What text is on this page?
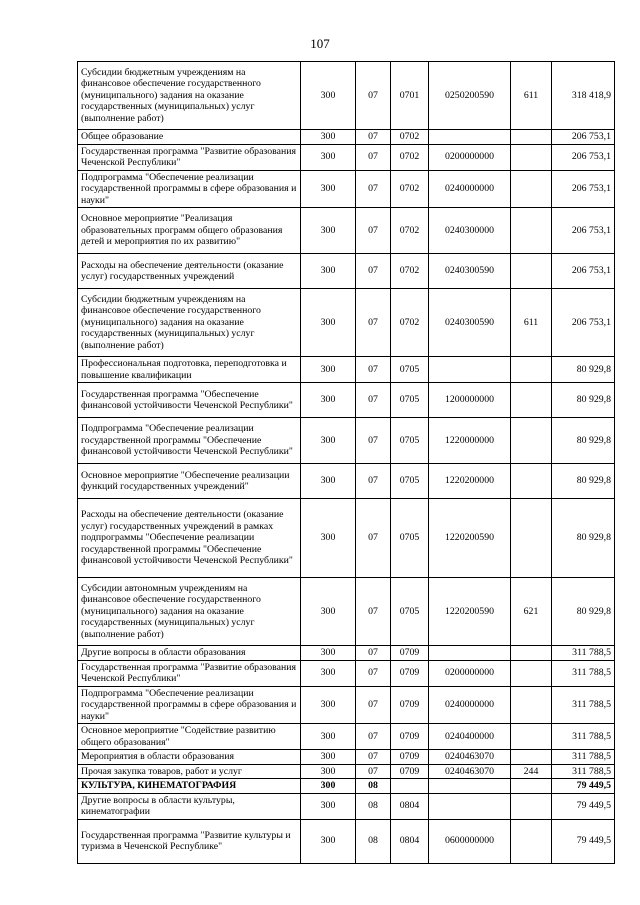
107
Субсидии бюджетным учреждениям на финансовое обеспечение государственного (муниципального) задания на оказание государственных (муниципальных) услуг (выполнение работ)	300	07	0701	0250200590	611	318 418,9
Общее образование	300	07	0702			206 753,1
Государственная программа "Развитие образования Чеченской Республики"	300	07	0702	0200000000		206 753,1
Подпрограмма "Обеспечение реализации государственной программы в сфере образования и науки"	300	07	0702	0240000000		206 753,1
Основное мероприятие "Реализация образовательных программ общего образования детей и мероприятия по их развитию"	300	07	0702	0240300000		206 753,1
Расходы на обеспечение деятельности (оказание услуг) государственных учреждений	300	07	0702	0240300590		206 753,1
Субсидии бюджетным учреждениям на финансовое обеспечение государственного (муниципального) задания на оказание государственных (муниципальных) услуг (выполнение работ)	300	07	0702	0240300590	611	206 753,1
Профессиональная подготовка, переподготовка и повышение квалификации	300	07	0705			80 929,8
Государственная программа "Обеспечение финансовой устойчивости Чеченской Республики"	300	07	0705	1200000000		80 929,8
Подпрограмма "Обеспечение реализации государственной программы "Обеспечение финансовой устойчивости Чеченской Республики"	300	07	0705	1220000000		80 929,8
Основное мероприятие "Обеспечение реализации функций государственных учреждений"	300	07	0705	1220200000		80 929,8
Расходы на обеспечение деятельности (оказание услуг) государственных учреждений в рамках подпрограммы "Обеспечение реализации государственной программы "Обеспечение финансовой устойчивости Чеченской Республики"	300	07	0705	1220200590		80 929,8
Субсидии автономным учреждениям на финансовое обеспечение государственного (муниципального) задания на оказание государственных (муниципальных) услуг (выполнение работ)	300	07	0705	1220200590	621	80 929,8
Другие вопросы в области образования	300	07	0709			311 788,5
Государственная программа "Развитие образования Чеченской Республики"	300	07	0709	0200000000		311 788,5
Подпрограмма "Обеспечение реализации государственной программы в сфере образования и науки"	300	07	0709	0240000000		311 788,5
Основное мероприятие "Содействие развитию общего образования"	300	07	0709	0240400000		311 788,5
Мероприятия в области образования	300	07	0709	0240463070		311 788,5
Прочая закупка товаров, работ и услуг	300	07	0709	0240463070	244	311 788,5
КУЛЬТУРА, КИНЕМАТОГРАФИЯ	300	08				79 449,5
Другие вопросы в области культуры, кинематографии	300	08	0804			79 449,5
Государственная программа "Развитие культуры и туризма в Чеченской Республике"	300	08	0804	0600000000		79 449,5
